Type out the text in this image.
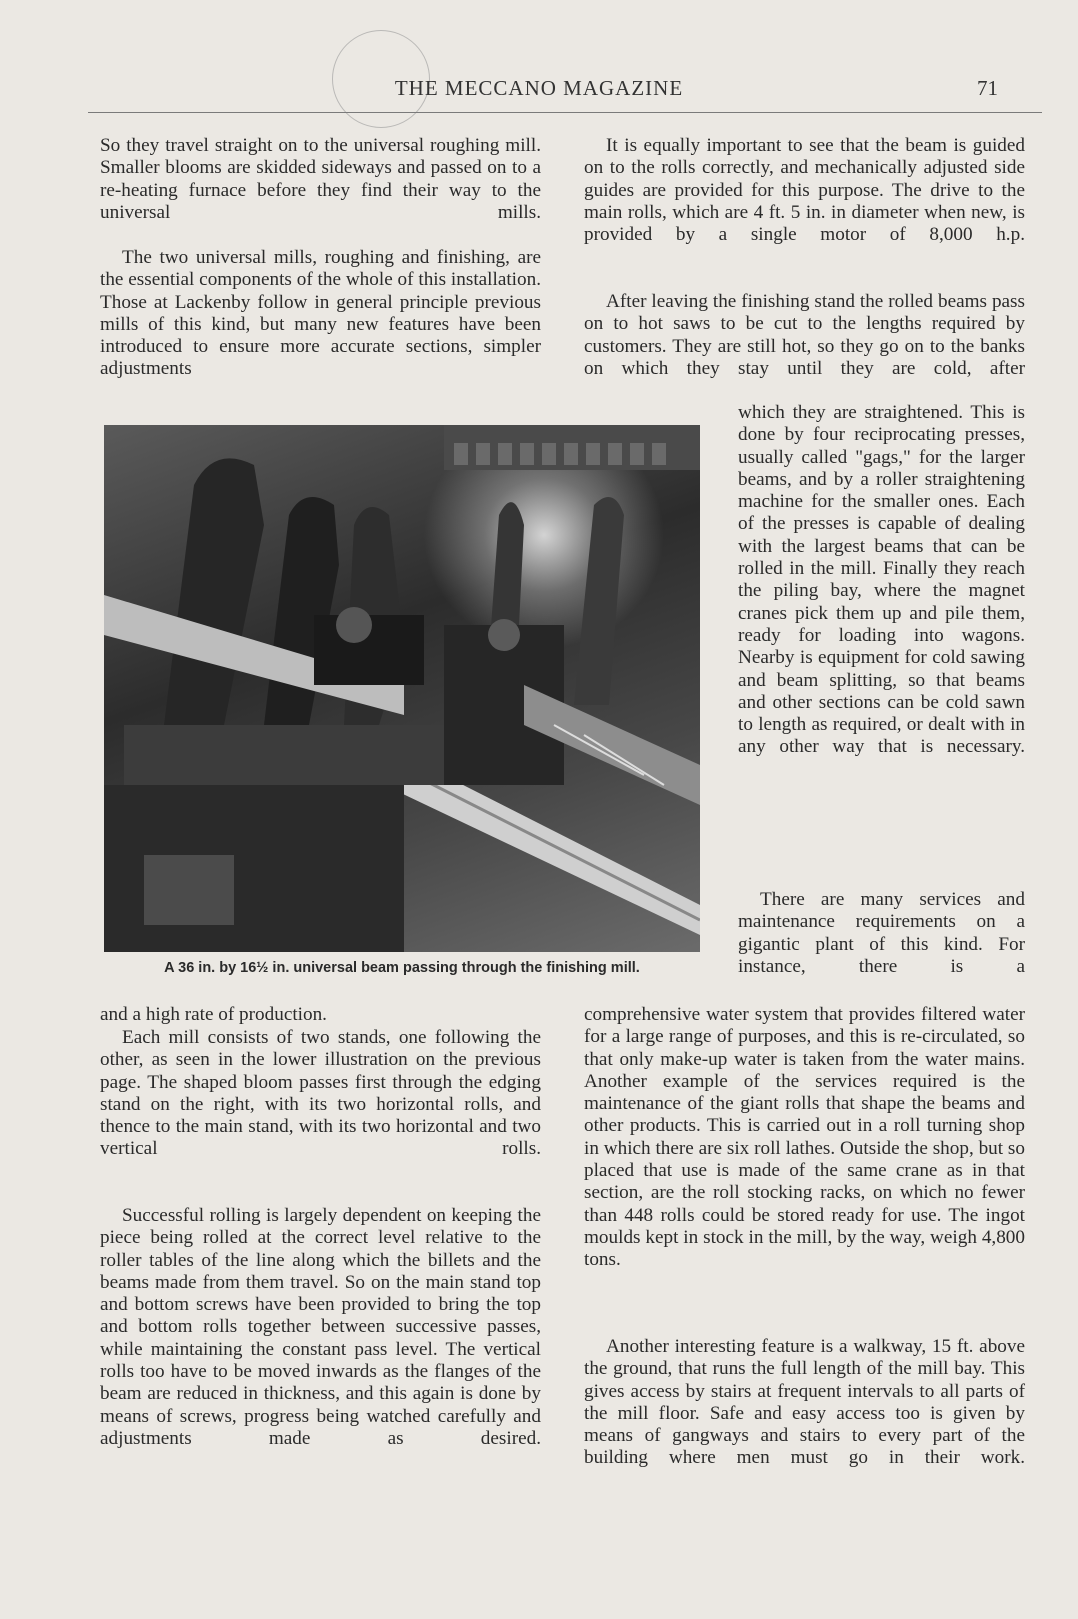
THE MECCANO MAGAZINE	71

So they travel straight on to the universal roughing mill. Smaller blooms are skidded sideways and passed on to a re-heating furnace before they find their way to the universal mills.

The two universal mills, roughing and finishing, are the essential components of the whole of this installation. Those at Lackenby follow in general principle previous mills of this kind, but many new features have been introduced to ensure more accurate sections, simpler adjustments

It is equally important to see that the beam is guided on to the rolls correctly, and mechanically adjusted side guides are provided for this purpose. The drive to the main rolls, which are 4 ft. 5 in. in diameter when new, is provided by a single motor of 8,000 h.p.

After leaving the finishing stand the rolled beams pass on to hot saws to be cut to the lengths required by customers. They are still hot, so they go on to the banks on which they stay until they are cold, after

A 36 in. by 16½ in. universal beam passing through the finishing mill.

which they are straightened. This is done by four reciprocating presses, usually called "gags," for the larger beams, and by a roller straightening machine for the smaller ones. Each of the presses is capable of dealing with the largest beams that can be rolled in the mill. Finally they reach the piling bay, where the magnet cranes pick them up and pile them, ready for loading into wagons. Nearby is equipment for cold sawing and beam splitting, so that beams and other sections can be cold sawn to length as required, or dealt with in any other way that is necessary.

There are many services and maintenance requirements on a gigantic plant of this kind. For instance, there is a

and a high rate of production.

Each mill consists of two stands, one following the other, as seen in the lower illustration on the previous page. The shaped bloom passes first through the edging stand on the right, with its two horizontal rolls, and thence to the main stand, with its two horizontal and two vertical rolls.

Successful rolling is largely dependent on keeping the piece being rolled at the correct level relative to the roller tables of the line along which the billets and the beams made from them travel. So on the main stand top and bottom screws have been provided to bring the top and bottom rolls together between successive passes, while maintaining the constant pass level. The vertical rolls too have to be moved inwards as the flanges of the beam are reduced in thickness, and this again is done by means of screws, progress being watched carefully and adjustments made as desired.

comprehensive water system that provides filtered water for a large range of purposes, and this is re-circulated, so that only make-up water is taken from the water mains. Another example of the services required is the maintenance of the giant rolls that shape the beams and other products. This is carried out in a roll turning shop in which there are six roll lathes. Outside the shop, but so placed that use is made of the same crane as in that section, are the roll stocking racks, on which no fewer than 448 rolls could be stored ready for use. The ingot moulds kept in stock in the mill, by the way, weigh 4,800 tons.

Another interesting feature is a walkway, 15 ft. above the ground, that runs the full length of the mill bay. This gives access by stairs at frequent intervals to all parts of the mill floor. Safe and easy access too is given by means of gangways and stairs to every part of the building where men must go in their work.
